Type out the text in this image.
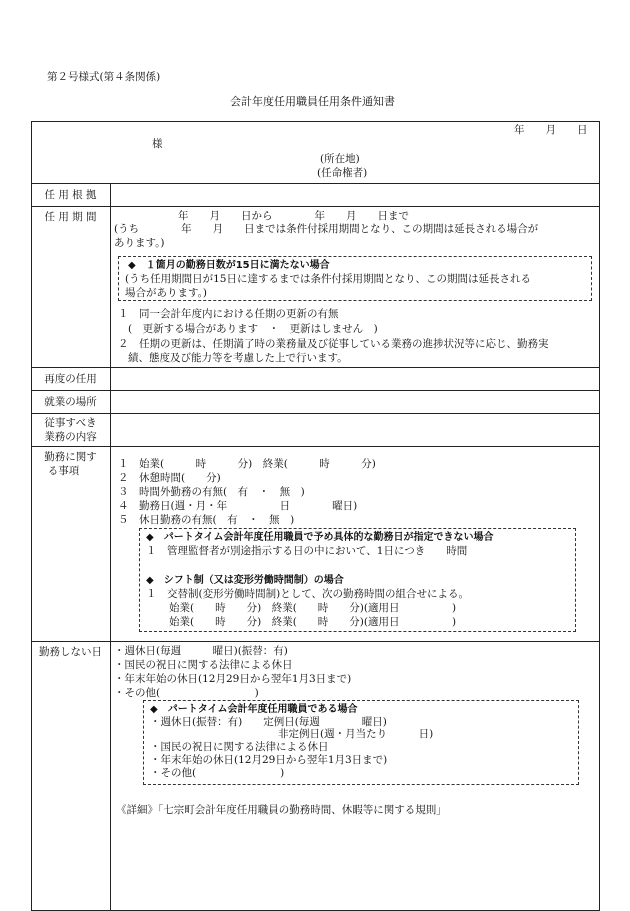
第２号様式(第４条関係)
会計年度任用職員任用条件通知書
年　　月　　日
様
(所在地)
(任命権者)
任 用 根 拠
任 用 期 間
再度の任用
就業の場所
従事すべき
業務の内容
勤務に関す
る事項
勤務しない日
　　年　　月　　日から　　　　年　　月　　日まで
(うち　　　　年　　月　　日までは条件付採用期間となり、この期間は延長される場合が
あります。)
◆　１箇月の勤務日数が15日に満たない場合
(うち任用期間日が15日に達するまでは条件付採用期間となり、この期間は延長される
場合があります。)
１　同一会計年度内における任期の更新の有無
(　更新する場合があります　・　更新はしません　)
２　任期の更新は、任期満了時の業務量及び従事している業務の進捗状況等に応じ、勤務実
績、態度及び能力等を考慮した上で行います。
１　始業(　　　時　　　分)　終業(　　　時　　　分)
２　休憩時間(　　分)
３　時間外勤務の有無(　有　・　無　)
４　勤務日(週・月・年　　　　　日　　　　曜日)
５　休日勤務の有無(　有　・　無　)
◆　パートタイム会計年度任用職員で予め具体的な勤務日が指定できない場合
１　管理監督者が別途指示する日の中において、1日につき　　時間
◆　シフト制（又は変形労働時間制）の場合
１　交替制(変形労働時間制)として、次の勤務時間の組合せによる。
始業(　　時　　分)　終業(　　時　　分)(適用日　　　　　)
始業(　　時　　分)　終業(　　時　　分)(適用日　　　　　)
・週休日(毎週　　　曜日)(振替：有)
・国民の祝日に関する法律による休日
・年末年始の休日(12月29日から翌年1月3日まで)
・その他(　　　　　　　　　)
◆　パートタイム会計年度任用職員である場合
・週休日(振替：有)　　定例日(毎週　　　　曜日)
非定例日(週・月当たり　　　日)
・国民の祝日に関する法律による休日
・年末年始の休日(12月29日から翌年1月3日まで)
・その他(　　　　　　　　)
《詳細》「七宗町会計年度任用職員の勤務時間、休暇等に関する規則」
